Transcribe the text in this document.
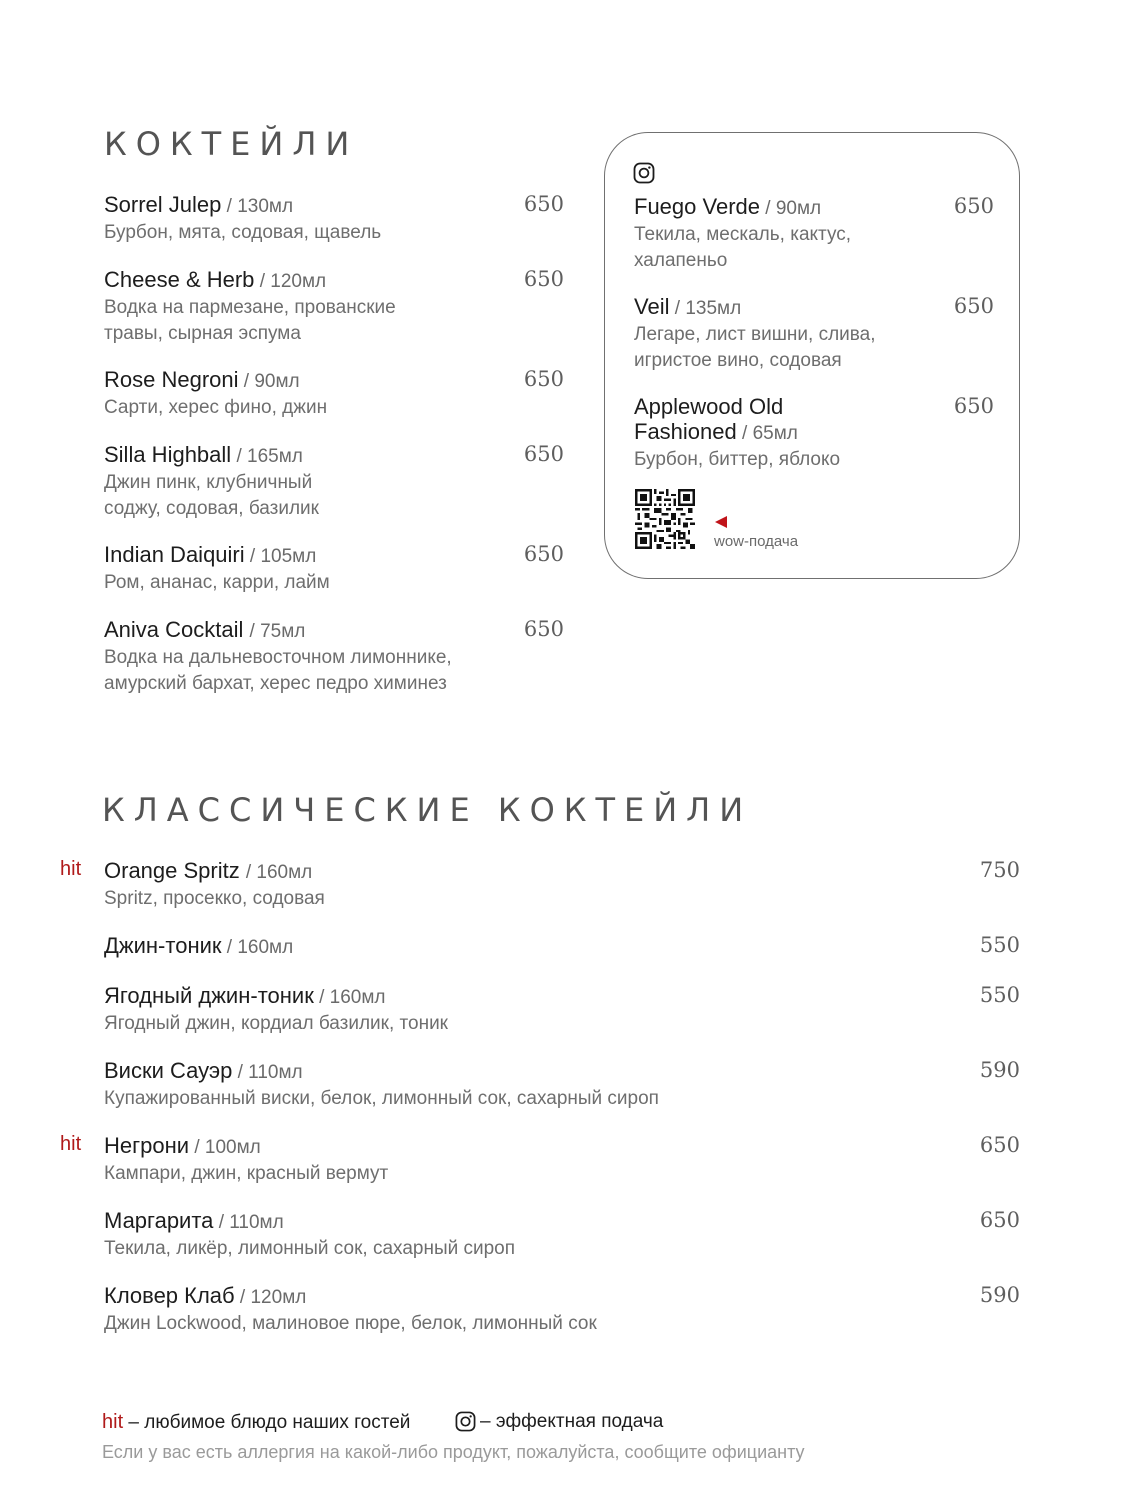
КОКТЕЙЛИ
Sorrel Julep / 130мл
Бурбон, мята, содовая, щавель
650
Cheese & Herb / 120мл
Водка на пармезане, прованские
травы, сырная эспума
650
Rose Negroni / 90мл
Сарти, херес фино, джин
650
Silla Highball / 165мл
Джин пинк, клубничный
соджу, содовая, базилик
650
Indian Daiquiri / 105мл
Ром, ананас, карри, лайм
650
Aniva Cocktail / 75мл
Водка на дальневосточном лимоннике,
амурский бархат, херес педро химинез
650
Fuego Verde / 90мл
Текила, мескаль, кактус,
халапеньо
650
Veil / 135мл
Легаре, лист вишни, слива,
игристое вино, содовая
650
Applewood Old
Fashioned / 65мл
Бурбон, биттер, яблоко
650
wow-подача
КЛАССИЧЕСКИЕ КОКТЕЙЛИ
hit Orange Spritz / 160мл
Spritz, просекко, содовая
750
Джин-тоник / 160мл	550
Ягодный джин-тоник / 160мл
Ягодный джин, кордиал базилик, тоник
550
Виски Сауэр / 110мл
Купажированный виски, белок, лимонный сок, сахарный сироп
590
hit Негрони / 100мл
Кампари, джин, красный вермут
650
Маргарита / 110мл
Текила, ликёр, лимонный сок, сахарный сироп
650
Кловер Клаб / 120мл
Джин Lockwood, малиновое пюре, белок, лимонный сок
590
hit – любимое блюдо наших гостей	– эффектная подача
Если у вас есть аллергия на какой-либо продукт, пожалуйста, сообщите официанту
